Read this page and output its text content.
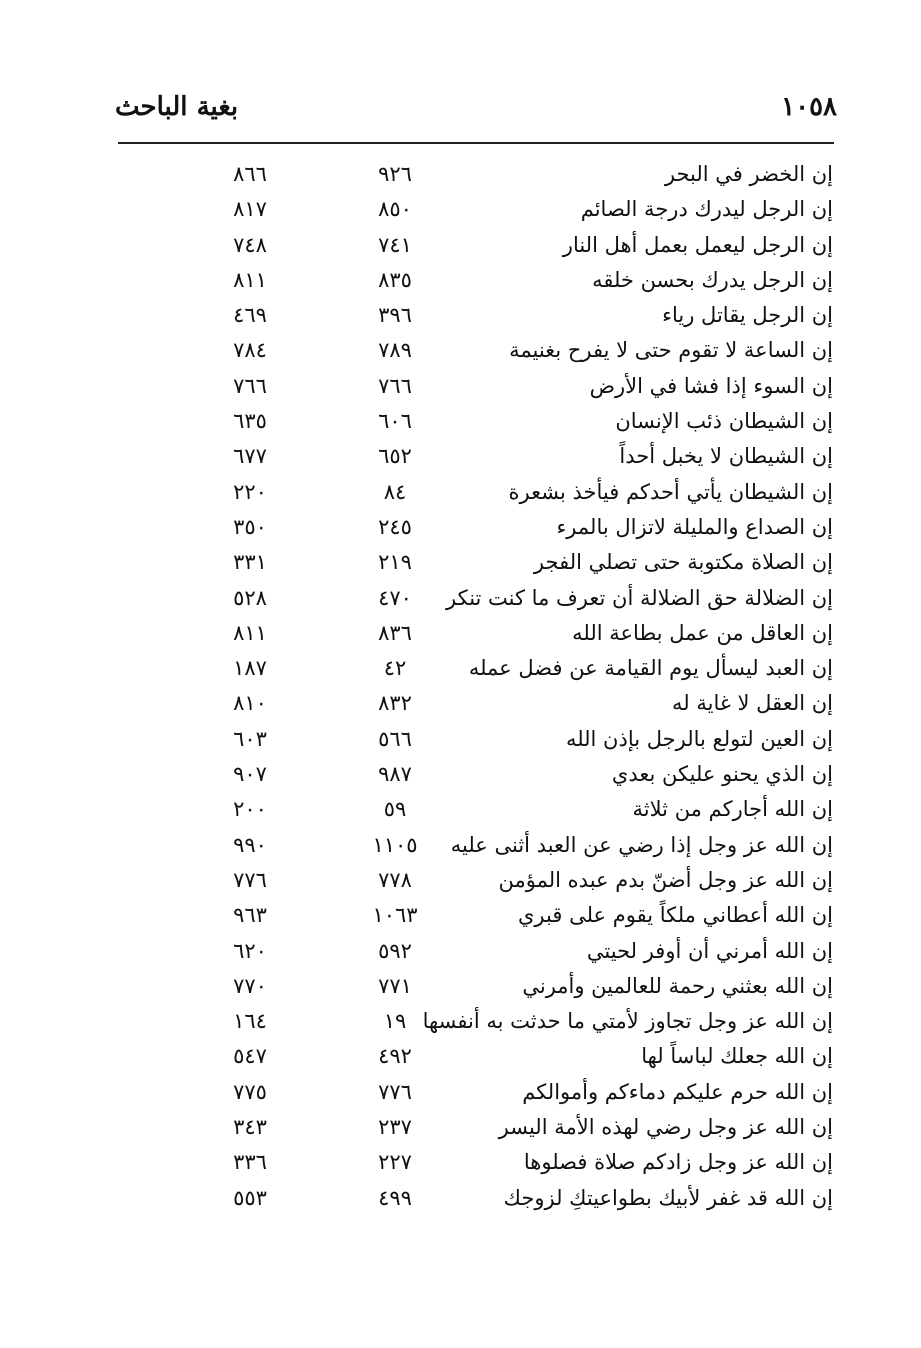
١٠٥٨
بغية الباحث
إن الخضر في البحر
٩٢٦
٨٦٦
إن الرجل ليدرك درجة الصائم
٨٥٠
٨١٧
إن الرجل ليعمل بعمل أهل النار
٧٤١
٧٤٨
إن الرجل يدرك بحسن خلقه
٨٣٥
٨١١
إن الرجل يقاتل رياء
٣٩٦
٤٦٩
إن الساعة لا تقوم حتى لا يفرح بغنيمة
٧٨٩
٧٨٤
إن السوء إذا فشا في الأرض
٧٦٦
٧٦٦
إن الشيطان ذئب الإنسان
٦٠٦
٦٣٥
إن الشيطان لا يخبل أحداً
٦٥٢
٦٧٧
إن الشيطان يأتي أحدكم فيأخذ بشعرة
٨٤
٢٢٠
إن الصداع والمليلة لاتزال بالمرء
٢٤٥
٣٥٠
إن الصلاة مكتوبة حتى تصلي الفجر
٢١٩
٣٣١
إن الضلالة حق الضلالة أن تعرف ما كنت تنكر
٤٧٠
٥٢٨
إن العاقل من عمل بطاعة الله
٨٣٦
٨١١
إن العبد ليسأل يوم القيامة عن فضل عمله
٤٢
١٨٧
إن العقل لا غاية له
٨٣٢
٨١٠
إن العين لتولع بالرجل بإذن الله
٥٦٦
٦٠٣
إن الذي يحنو عليكن بعدي
٩٨٧
٩٠٧
إن الله أجاركم من ثلاثة
٥٩
٢٠٠
إن الله عز وجل إذا رضي عن العبد أثنى عليه
١١٠٥
٩٩٠
إن الله عز وجل أضنّ بدم عبده المؤمن
٧٧٨
٧٧٦
إن الله أعطاني ملكاً يقوم على قبري
١٠٦٣
٩٦٣
إن الله أمرني أن أوفر لحيتي
٥٩٢
٦٢٠
إن الله بعثني رحمة للعالمين وأمرني
٧٧١
٧٧٠
إن الله عز وجل تجاوز لأمتي ما حدثت به أنفسها
١٩
١٦٤
إن الله جعلك لباساً لها
٤٩٢
٥٤٧
إن الله حرم عليكم دماءكم وأموالكم
٧٧٦
٧٧٥
إن الله عز وجل رضي لهذه الأمة اليسر
٢٣٧
٣٤٣
إن الله عز وجل زادكم صلاة فصلوها
٢٢٧
٣٣٦
إن الله قد غفر لأبيك بطواعيتكِ لزوجك
٤٩٩
٥٥٣
